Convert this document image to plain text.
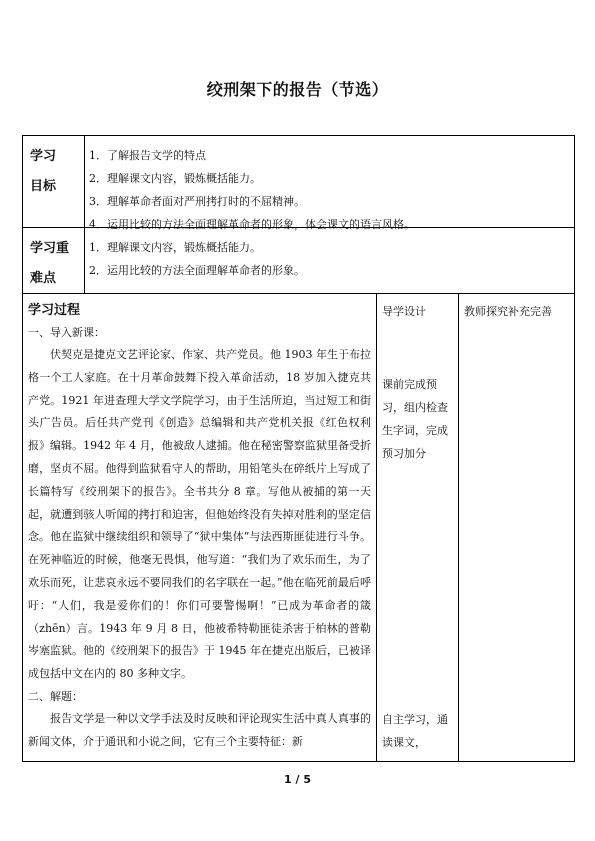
绞刑架下的报告（节选）
学习
目标
1．了解报告文学的特点
2．理解课文内容，锻炼概括能力。
3．理解革命者面对严刑拷打时的不屈精神。
4．运用比较的方法全面理解革命者的形象，体会课文的语言风格。
学习重
难点
1．理解课文内容，锻炼概括能力。
2．运用比较的方法全面理解革命者的形象。
学习过程
一、导入新课：
伏契克是捷克文艺评论家、作家、共产党员。他 1903 年生于布拉格一个工人家庭。在十月革命鼓舞下投入革命活动，18 岁加入捷克共产党。1921 年进查理大学文学院学习，由于生活所迫，当过短工和街头广告员。后任共产党刊《创造》总编辑和共产党机关报《红色权利报》编辑。1942 年 4 月，他被敌人逮捕。他在秘密警察监狱里备受折磨，坚贞不屈。他得到监狱看守人的帮助，用铅笔头在碎纸片上写成了长篇特写《绞刑架下的报告》。全书共分 8 章。写他从被捕的第一天起，就遭到骇人听闻的拷打和迫害，但他始终没有失掉对胜利的坚定信念。他在监狱中继续组织和领导了“狱中集体”与法西斯匪徒进行斗争。在死神临近的时候，他毫无畏惧，他写道：“我们为了欢乐而生，为了欢乐而死，让悲哀永远不要同我们的名字联在一起。”他在临死前最后呼吁：“人们，我是爱你们的！你们可要警惕啊！”已成为革命者的箴（zhēn）言。1943 年 9 月 8 日，他被希特勒匪徒杀害于柏林的普勒岑塞监狱。他的《绞刑架下的报告》于 1945 年在捷克出版后，已被译成包括中文在内的 80 多种文字。
二、解题：
报告文学是一种以文学手法及时反映和评论现实生活中真人真事的新闻文体，介于通讯和小说之间，它有三个主要特征：新
导学设计
课前完成预习，组内检查生字词，完成预习加分
自主学习，通读课文，
教师探究补充完善
1 / 5
